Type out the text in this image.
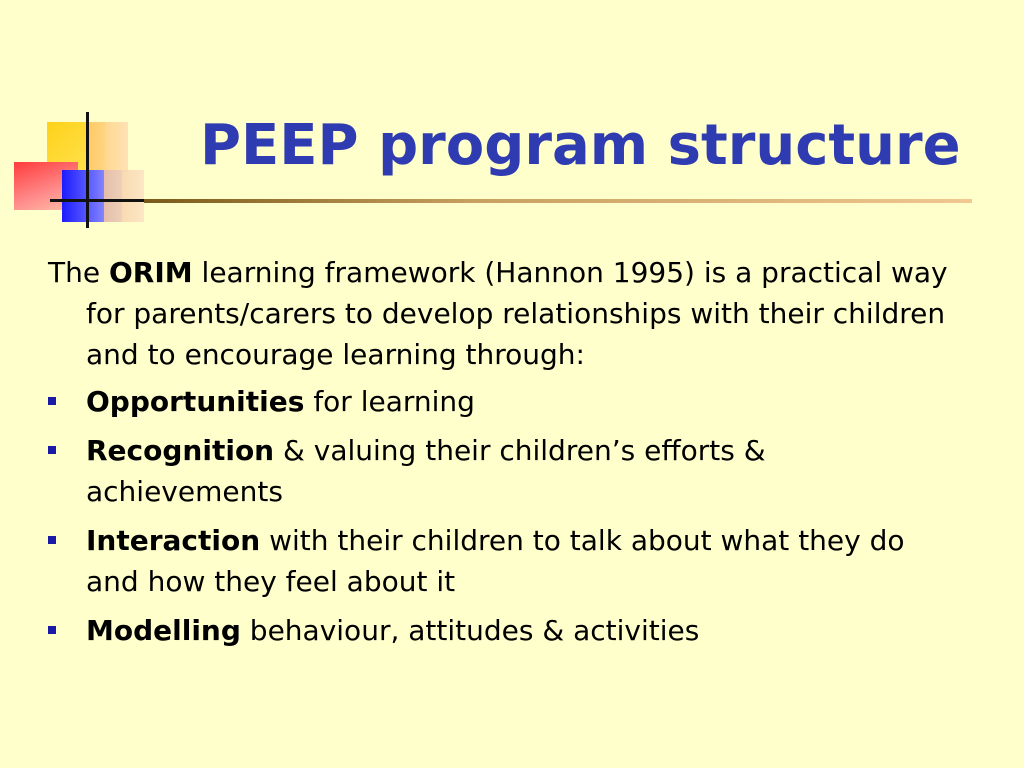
PEEP program structure

The ORIM learning framework (Hannon 1995) is a practical way for parents/carers to develop relationships with their children and to encourage learning through:

Opportunities for learning
Recognition & valuing their children’s efforts & achievements
Interaction with their children to talk about what they do and how they feel about it
Modelling behaviour, attitudes & activities
